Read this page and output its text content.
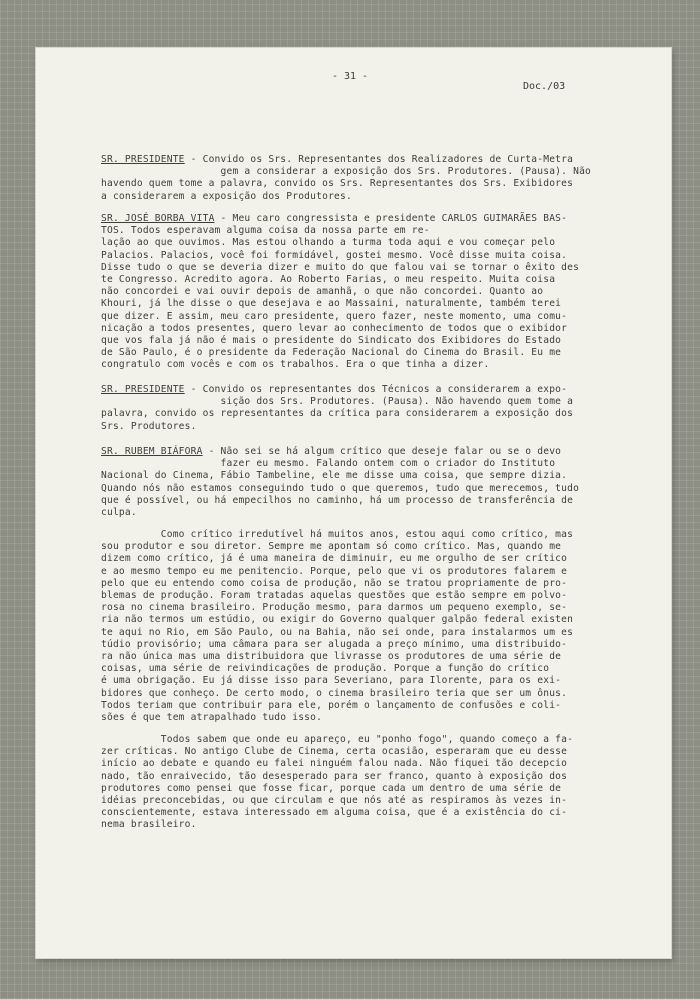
- 31 -
Doc./03
SR. PRESIDENTE - Convido os Srs. Representantes dos Realizadores de Curta-Metra
gem a considerar a exposição dos Srs. Produtores. (Pausa). Não
havendo quem tome a palavra, convido os Srs. Representantes dos Srs. Exibidores
a considerarem a exposição dos Produtores.
SR. JOSÉ BORBA VITA - Meu caro congressista e presidente CARLOS GUIMARÃES BAS-
TOS. Todos esperavam alguma coisa da nossa parte em re-
lação ao que ouvimos. Mas estou olhando a turma toda aqui e vou começar pelo
Palacios. Palacios, você foi formidável, gostei mesmo. Você disse muita coisa.
Disse tudo o que se deveria dizer e muito do que falou vai se tornar o êxito des
te Congresso. Acredito agora. Ao Roberto Farias, o meu respeito. Muita coisa
não concordei e vai ouvir depois de amanhã, o que não concordei. Quanto ao
Khouri, já lhe disse o que desejava e ao Massaini, naturalmente, também terei
que dizer. E assim, meu caro presidente, quero fazer, neste momento, uma comu-
nicação a todos presentes, quero levar ao conhecimento de todos que o exibidor
que vos fala já não é mais o presidente do Sindicato dos Exibidores do Estado
de São Paulo, é o presidente da Federação Nacional do Cinema do Brasil. Eu me
congratulo com vocês e com os trabalhos. Era o que tinha a dizer.
SR. PRESIDENTE - Convido os representantes dos Técnicos a considerarem a expo-
sição dos Srs. Produtores. (Pausa). Não havendo quem tome a
palavra, convido os representantes da crítica para considerarem a exposição dos
Srs. Produtores.
SR. RUBEM BIÁFORA - Não sei se há algum crítico que deseje falar ou se o devo
fazer eu mesmo. Falando ontem com o criador do Instituto
Nacional do Cinema, Fábio Tambeline, ele me disse uma coisa, que sempre dizia.
Quando nós não estamos conseguindo tudo o que queremos, tudo que merecemos, tudo
que é possível, ou há empecilhos no caminho, há um processo de transferência de
culpa.
Como crítico irredutível há muitos anos, estou aqui como crítico, mas
sou produtor e sou diretor. Sempre me apontam só como crítico. Mas, quando me
dizem como crítico, já é uma maneira de diminuir, eu me orgulho de ser crítico
e ao mesmo tempo eu me penitencio. Porque, pelo que vi os produtores falarem e
pelo que eu entendo como coisa de produção, não se tratou propriamente de pro-
blemas de produção. Foram tratadas aquelas questões que estão sempre em polvo-
rosa no cinema brasileiro. Produção mesmo, para darmos um pequeno exemplo, se-
ria não termos um estúdio, ou exigir do Governo qualquer galpão federal existen
te aqui no Rio, em São Paulo, ou na Bahia, não sei onde, para instalarmos um es
túdio provisório; uma câmara para ser alugada a preço mínimo, uma distribuido-
ra não única mas uma distribuidora que livrasse os produtores de uma série de
coisas, uma série de reivindicações de produção. Porque a função do crítico
é uma obrigação. Eu já disse isso para Severiano, para Ilorente, para os exi-
bidores que conheço. De certo modo, o cinema brasileiro teria que ser um ônus.
Todos teriam que contribuir para ele, porém o lançamento de confusões e coli-
sões é que tem atrapalhado tudo isso.
Todos sabem que onde eu apareço, eu "ponho fogo", quando começo a fa-
zer críticas. No antigo Clube de Cinema, certa ocasião, esperaram que eu desse
início ao debate e quando eu falei ninguém falou nada. Não fiquei tão decepcio
nado, tão enraivecido, tão desesperado para ser franco, quanto à exposição dos
produtores como pensei que fosse ficar, porque cada um dentro de uma série de
idéias preconcebidas, ou que circulam e que nós até as respiramos às vezes in-
conscientemente, estava interessado em alguma coisa, que é a existência do ci-
nema brasileiro.
